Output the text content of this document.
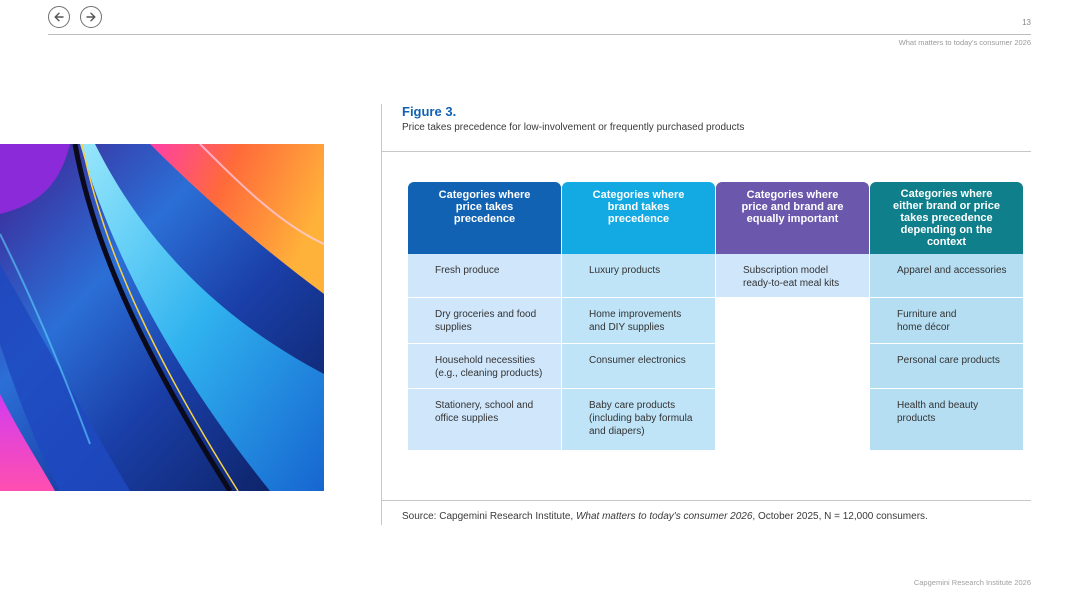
13
What matters to today's consumer 2026
Figure 3.
Price takes precedence for low-involvement or frequently purchased products
Categories where
price takes
precedence
Fresh produce
Dry groceries and food
supplies
Household necessities
(e.g., cleaning products)
Stationery, school and
office supplies
Categories where
brand takes
precedence
Luxury products
Home improvements
and DIY supplies
Consumer electronics
Baby care products
(including baby formula
and diapers)
Categories where
price and brand are
equally important
Subscription model
ready-to-eat meal kits
Categories where
either brand or price
takes precedence
depending on the
context
Apparel and accessories
Furniture and
home décor
Personal care products
Health and beauty
products
Source: Capgemini Research Institute, What matters to today's consumer 2026, October 2025, N = 12,000 consumers.
Capgemini Research Institute 2026
